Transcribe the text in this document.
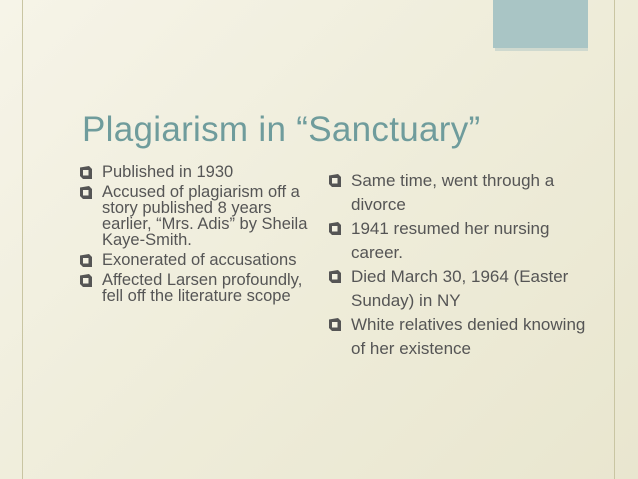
Plagiarism in “Sanctuary”
Published in 1930
Accused of plagiarism off a story published 8 years earlier, “Mrs. Adis” by Sheila Kaye-Smith.
Exonerated of accusations
Affected Larsen profoundly, fell off the literature scope
Same time, went through a divorce
1941 resumed her nursing career.
Died March 30, 1964 (Easter Sunday) in NY
White relatives denied knowing of her existence
